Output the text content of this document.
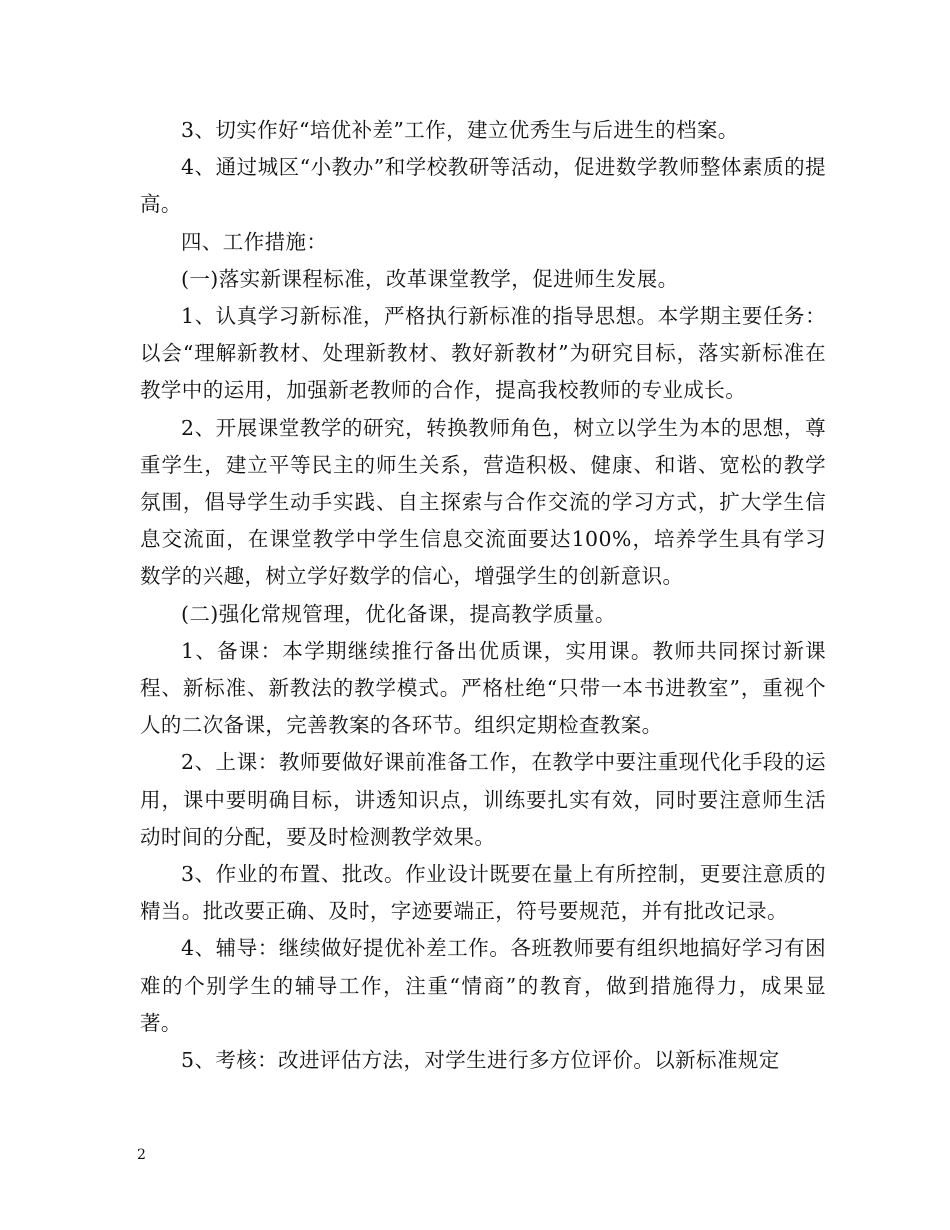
3、切实作好“培优补差”工作，建立优秀生与后进生的档案。

4、通过城区“小教办”和学校教研等活动，促进数学教师整体素质的提高。

四、工作措施：

(一)落实新课程标准，改革课堂教学，促进师生发展。

1、认真学习新标准，严格执行新标准的指导思想。本学期主要任务：以会“理解新教材、处理新教材、教好新教材”为研究目标，落实新标准在教学中的运用，加强新老教师的合作，提高我校教师的专业成长。

2、开展课堂教学的研究，转换教师角色，树立以学生为本的思想，尊重学生，建立平等民主的师生关系，营造积极、健康、和谐、宽松的教学氛围，倡导学生动手实践、自主探索与合作交流的学习方式，扩大学生信息交流面，在课堂教学中学生信息交流面要达100%，培养学生具有学习数学的兴趣，树立学好数学的信心，增强学生的创新意识。

(二)强化常规管理，优化备课，提高教学质量。

1、备课：本学期继续推行备出优质课，实用课。教师共同探讨新课程、新标准、新教法的教学模式。严格杜绝“只带一本书进教室”，重视个人的二次备课，完善教案的各环节。组织定期检查教案。

2、上课：教师要做好课前准备工作，在教学中要注重现代化手段的运用，课中要明确目标，讲透知识点，训练要扎实有效，同时要注意师生活动时间的分配，要及时检测教学效果。

3、作业的布置、批改。作业设计既要在量上有所控制，更要注意质的精当。批改要正确、及时，字迹要端正，符号要规范，并有批改记录。

4、辅导：继续做好提优补差工作。各班教师要有组织地搞好学习有困难的个别学生的辅导工作，注重“情商”的教育，做到措施得力，成果显著。

5、考核：改进评估方法，对学生进行多方位评价。以新标准规定

2
